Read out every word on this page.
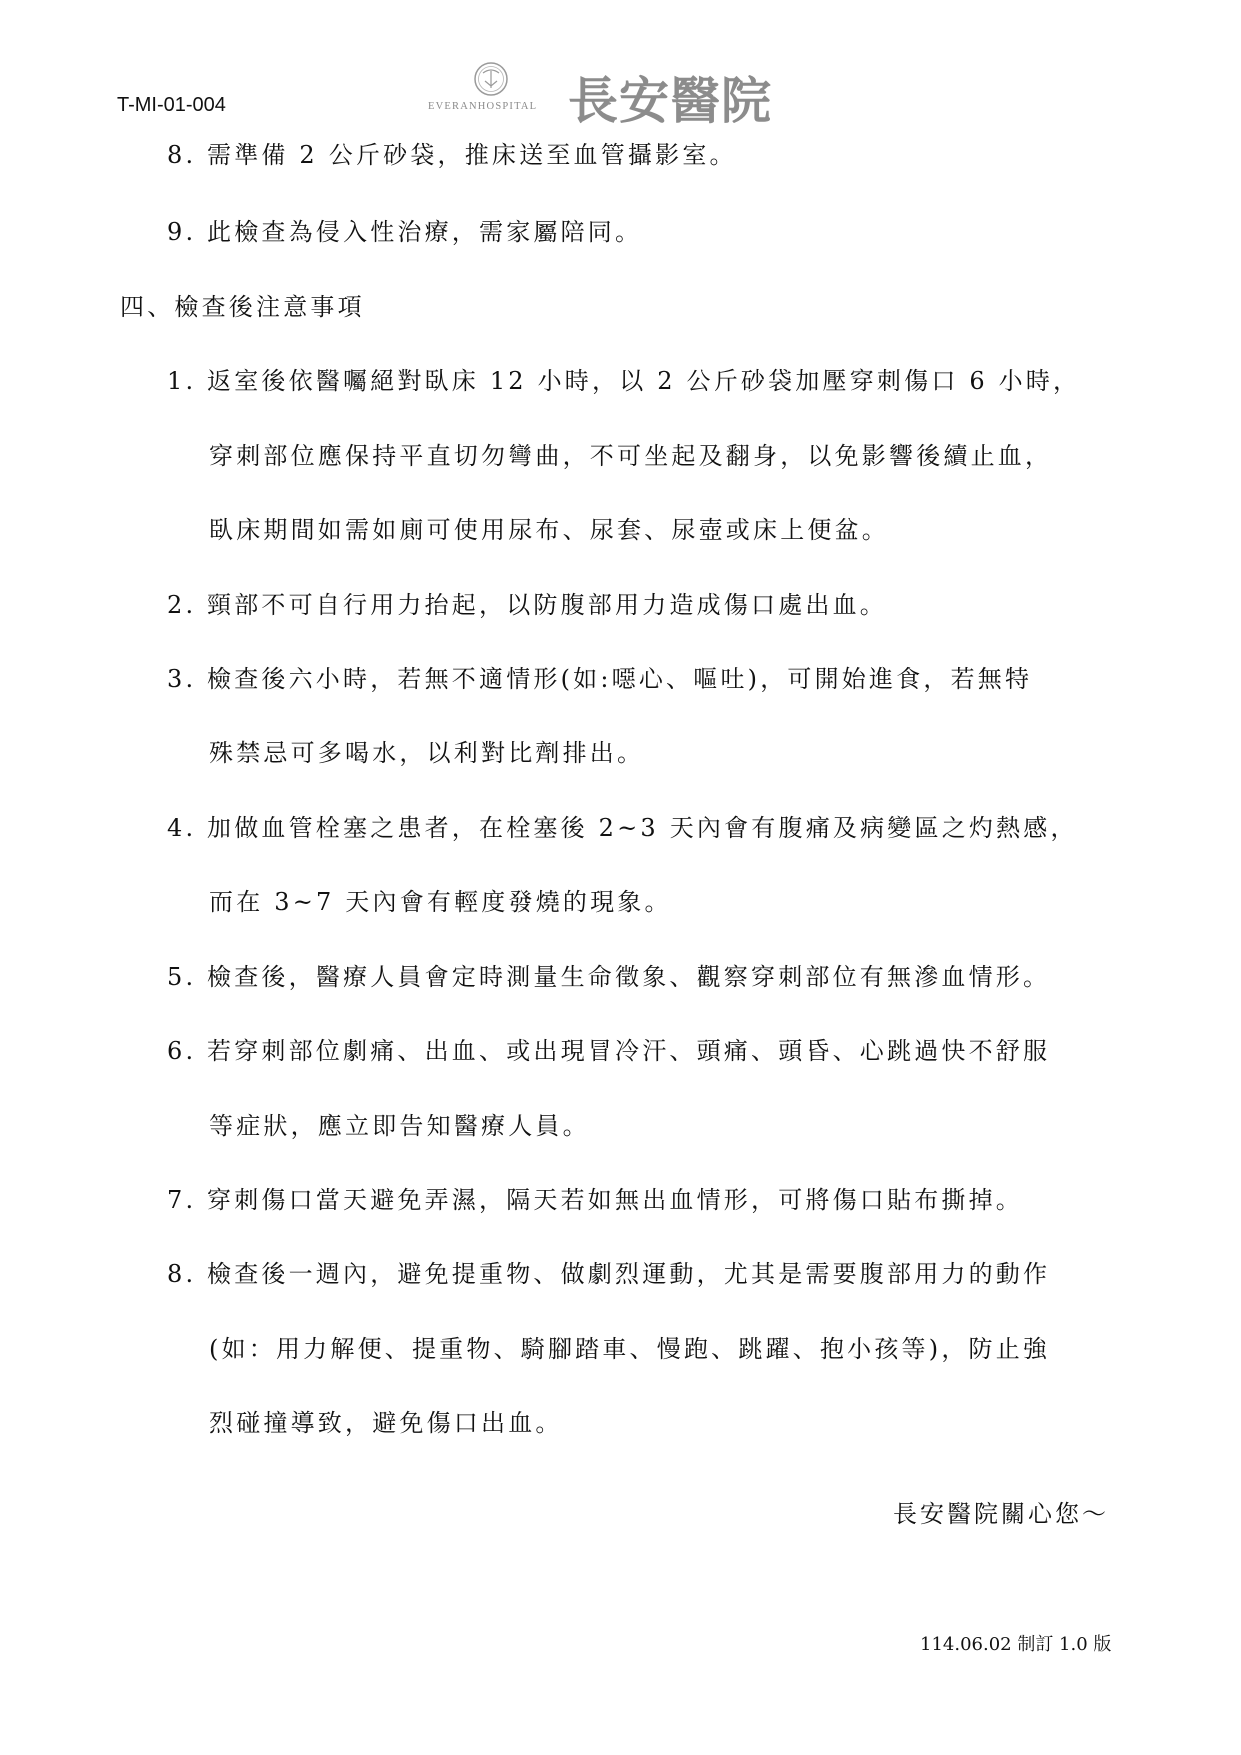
T-MI-01-004	EVERANHOSPITAL 長安醫院
8. 需準備 2 公斤砂袋，推床送至血管攝影室。
9. 此檢查為侵入性治療，需家屬陪同。
四、檢查後注意事項
1. 返室後依醫囑絕對臥床 12 小時，以 2 公斤砂袋加壓穿刺傷口 6 小時，
穿刺部位應保持平直切勿彎曲，不可坐起及翻身，以免影響後續止血，
臥床期間如需如廁可使用尿布、尿套、尿壺或床上便盆。
2. 頸部不可自行用力抬起，以防腹部用力造成傷口處出血。
3. 檢查後六小時，若無不適情形(如:噁心、嘔吐)，可開始進食，若無特
殊禁忌可多喝水，以利對比劑排出。
4. 加做血管栓塞之患者，在栓塞後 2~3 天內會有腹痛及病變區之灼熱感，
而在 3~7 天內會有輕度發燒的現象。
5. 檢查後，醫療人員會定時測量生命徵象、觀察穿刺部位有無滲血情形。
6. 若穿刺部位劇痛、出血、或出現冒冷汗、頭痛、頭昏、心跳過快不舒服
等症狀，應立即告知醫療人員。
7. 穿刺傷口當天避免弄濕，隔天若如無出血情形，可將傷口貼布撕掉。
8. 檢查後一週內，避免提重物、做劇烈運動，尤其是需要腹部用力的動作
(如：用力解便、提重物、騎腳踏車、慢跑、跳躍、抱小孩等)，防止強
烈碰撞導致，避免傷口出血。
長安醫院關心您～
114.06.02 制訂 1.0 版
